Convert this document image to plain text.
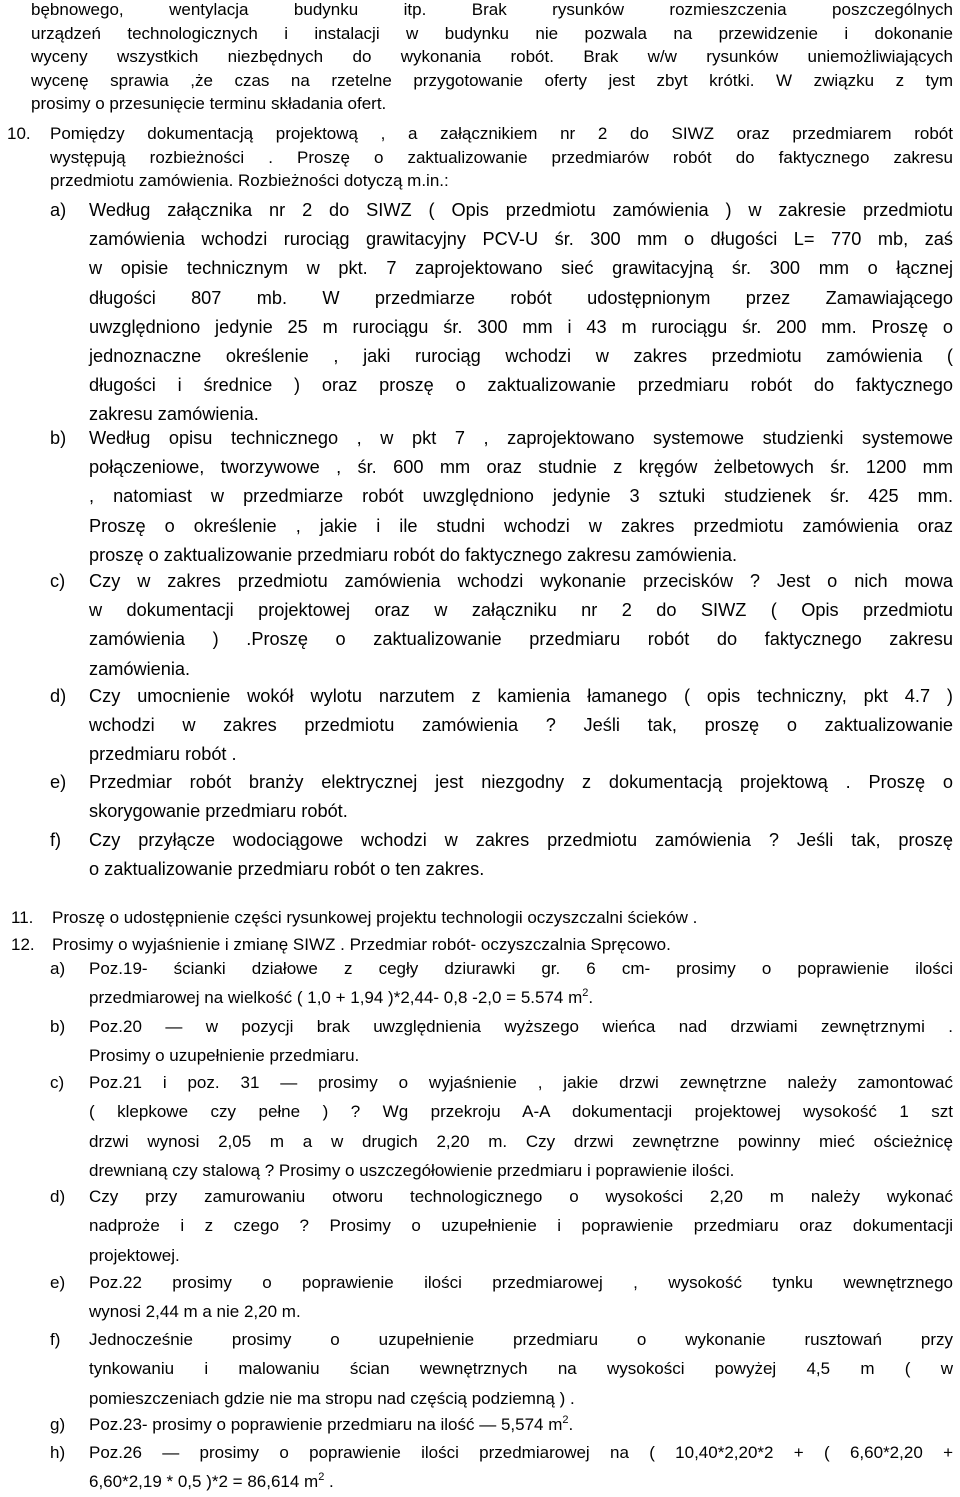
bębnowego, wentylacja budynku itp. Brak rysunków rozmieszczenia poszczególnych
urządzeń technologicznych i instalacji w budynku nie pozwala na przewidzenie i dokonanie
wyceny wszystkich niezbędnych do wykonania robót. Brak w/w rysunków uniemożliwiających
wycenę sprawia ,że czas na rzetelne przygotowanie oferty jest zbyt krótki. W związku z tym
prosimy o przesunięcie terminu składania ofert.
10. Pomiędzy dokumentacją projektową , a załącznikiem nr 2 do SIWZ oraz przedmiarem robót
występują rozbieżności . Proszę o zaktualizowanie przedmiarów robót do faktycznego zakresu
przedmiotu zamówienia. Rozbieżności dotyczą m.in.:
a) Według załącznika nr 2 do SIWZ ( Opis przedmiotu zamówienia ) w zakresie przedmiotu
zamówienia wchodzi rurociąg grawitacyjny PCV-U śr. 300 mm o długości L= 770 mb, zaś
w opisie technicznym w pkt. 7 zaprojektowano sieć grawitacyjną śr. 300 mm o łącznej
długości 807 mb. W przedmiarze robót udostępnionym przez Zamawiającego
uwzględniono jedynie 25 m rurociągu śr. 300 mm i 43 m rurociągu śr. 200 mm. Proszę o
jednoznaczne określenie , jaki rurociąg wchodzi w zakres przedmiotu zamówienia (
długości i średnice ) oraz proszę o zaktualizowanie przedmiaru robót do faktycznego
zakresu zamówienia.
b) Według opisu technicznego , w pkt 7 , zaprojektowano systemowe studzienki systemowe
połączeniowe, tworzywowe , śr. 600 mm oraz studnie z kręgów żelbetowych śr. 1200 mm
, natomiast w przedmiarze robót uwzględniono jedynie 3 sztuki studzienek śr. 425 mm.
Proszę o określenie , jakie i ile studni wchodzi w zakres przedmiotu zamówienia oraz
proszę o zaktualizowanie przedmiaru robót do faktycznego zakresu zamówienia.
c) Czy w zakres przedmiotu zamówienia wchodzi wykonanie przecisków ? Jest o nich mowa
w dokumentacji projektowej oraz w załączniku nr 2 do SIWZ ( Opis przedmiotu
zamówienia ) .Proszę o zaktualizowanie przedmiaru robót do faktycznego zakresu
zamówienia.
d) Czy umocnienie wokół wylotu narzutem z kamienia łamanego ( opis techniczny, pkt 4.7 )
wchodzi w zakres przedmiotu zamówienia ? Jeśli tak, proszę o zaktualizowanie
przedmiaru robót .
e) Przedmiar robót branży elektrycznej jest niezgodny z dokumentacją projektową . Proszę o
skorygowanie przedmiaru robót.
f) Czy przyłącze wodociągowe wchodzi w zakres przedmiotu zamówienia ? Jeśli tak, proszę
o zaktualizowanie przedmiaru robót o ten zakres.
11. Proszę o udostępnienie części rysunkowej projektu technologii oczyszczalni ścieków .
12. Prosimy o wyjaśnienie i zmianę SIWZ . Przedmiar robót- oczyszczalnia Spręcowo.
a) Poz.19- ścianki działowe z cegły dziurawki gr. 6 cm- prosimy o poprawienie ilości
przedmiarowej na wielkość ( 1,0 + 1,94 )*2,44- 0,8 -2,0 = 5.574 $m^2$.
b) Poz.20 — w pozycji brak uwzględnienia wyższego wieńca nad drzwiami zewnętrznymi .
Prosimy o uzupełnienie przedmiaru.
c) Poz.21 i poz. 31 — prosimy o wyjaśnienie , jakie drzwi zewnętrzne należy zamontować
( klepkowe czy pełne ) ? Wg przekroju A-A dokumentacji projektowej wysokość 1 szt
drzwi wynosi 2,05 m a w drugich 2,20 m. Czy drzwi zewnętrzne powinny mieć ościeżnicę
drewnianą czy stalową ? Prosimy o uszczegółowienie przedmiaru i poprawienie ilości.
d) Czy przy zamurowaniu otworu technologicznego o wysokości 2,20 m należy wykonać
nadproże i z czego ? Prosimy o uzupełnienie i poprawienie przedmiaru oraz dokumentacji
projektowej.
e) Poz.22 prosimy o poprawienie ilości przedmiarowej , wysokość tynku wewnętrznego
wynosi 2,44 m a nie 2,20 m.
f) Jednocześnie prosimy o uzupełnienie przedmiaru o wykonanie rusztowań przy
tynkowaniu i malowaniu ścian wewnętrznych na wysokości powyżej 4,5 m ( w
pomieszczeniach gdzie nie ma stropu nad częścią podziemną ) .
g) Poz.23- prosimy o poprawienie przedmiaru na ilość — 5,574 $m^2$.
h) Poz.26 — prosimy o poprawienie ilości przedmiarowej na ( 10,40*2,20*2 + ( 6,60*2,20 +
6,60*2,19 * 0,5 )*2 = 86,614 $m^2$ .
